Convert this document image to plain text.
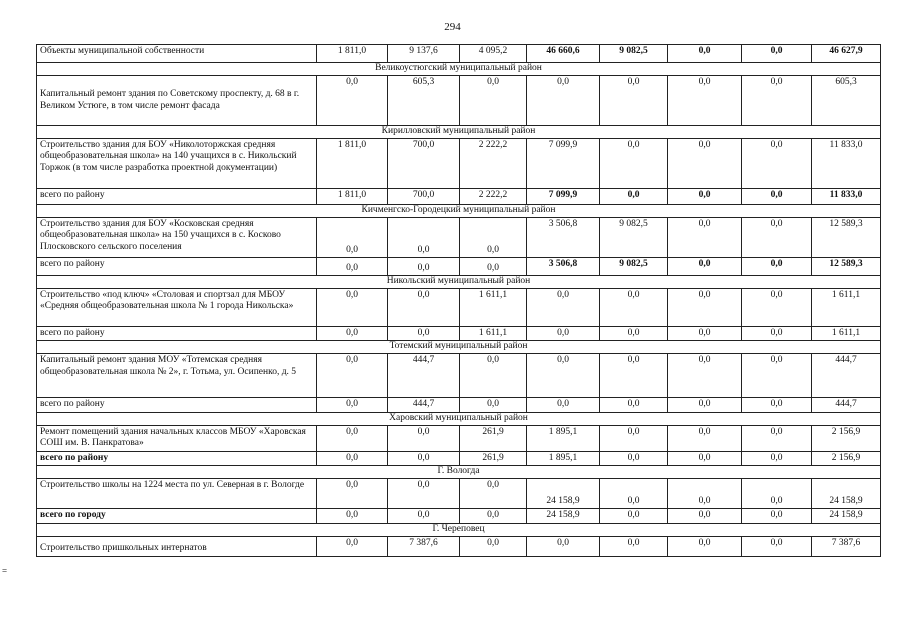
294
=
Объекты муниципальной собственности	1 811,0	9 137,6	4 095,2	46 660,6	9 082,5	0,0	0,0	46 627,9
Великоустюгский муниципальный район								
Капитальный ремонт здания по Советскому проспекту, д. 68 в г. Великом Устюге, в том числе ремонт фасада	0,0	605,3	0,0	0,0	0,0	0,0	0,0	605,3
Кирилловский муниципальный район								
Строительство здания для БОУ «Николоторжская средняя общеобразовательная школа» на 140 учащихся в с. Никольский Торжок (в том числе разработка проектной документации)	1 811,0	700,0	2 222,2	7 099,9	0,0	0,0	0,0	11 833,0
всего по району	1 811,0	700,0	2 222,2	7 099,9	0,0	0,0	0,0	11 833,0
Кичменгско-Городецкий муниципальный район								
Строительство здания для БОУ «Косковская средняя общеобразовательная школа» на 150 учащихся в с. Косково Плосковского сельского поселения	0,0	0,0	0,0	3 506,8	9 082,5	0,0	0,0	12 589,3
всего по району	0,0	0,0	0,0	3 506,8	9 082,5	0,0	0,0	12 589,3
Никольский муниципальный район								
Строительство «под ключ» «Столовая и спортзал для МБОУ «Средняя общеобразовательная школа № 1 города Никольска»	0,0	0,0	1 611,1	0,0	0,0	0,0	0,0	1 611,1
всего по району	0,0	0,0	1 611,1	0,0	0,0	0,0	0,0	1 611,1
Тотемский муниципальный район								
Капитальный ремонт здания МОУ «Тотемская средняя общеобразовательная школа № 2», г. Тотьма, ул. Осипенко, д. 5	0,0	444,7	0,0	0,0	0,0	0,0	0,0	444,7
всего по району	0,0	444,7	0,0	0,0	0,0	0,0	0,0	444,7
Харовский муниципальный район								
Ремонт помещений здания начальных классов МБОУ «Харовская СОШ им. В. Панкратова»	0,0	0,0	261,9	1 895,1	0,0	0,0	0,0	2 156,9
всего по району	0,0	0,0	261,9	1 895,1	0,0	0,0	0,0	2 156,9
Г. Вологда								
Строительство школы на 1224 места по ул. Северная в г. Вологде	0,0	0,0	0,0	24 158,9	0,0	0,0	0,0	24 158,9
всего по городу	0,0	0,0	0,0	24 158,9	0,0	0,0	0,0	24 158,9
Г. Череповец								
Строительство пришкольных интернатов	0,0	7 387,6	0,0	0,0	0,0	0,0	0,0	7 387,6
